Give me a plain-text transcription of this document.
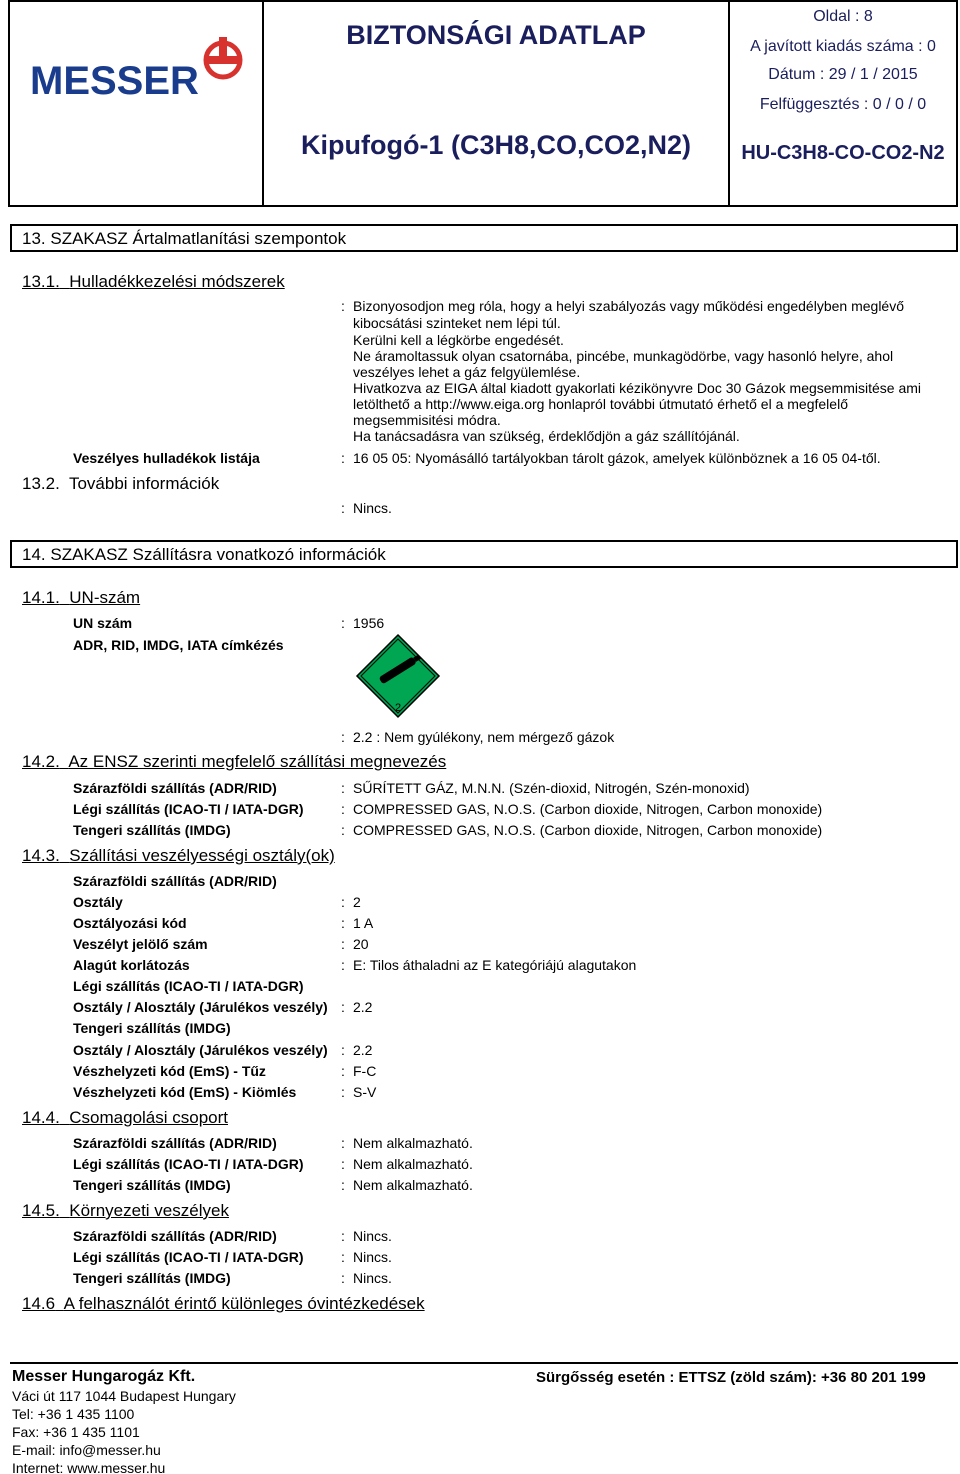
MESSER
BIZTONSÁGI ADATLAP
Kipufogó-1 (C3H8,CO,CO2,N2)
Oldal : 8
A javított kiadás száma : 0
Dátum : 29 / 1 / 2015
Felfüggesztés : 0 / 0 / 0
HU-C3H8-CO-CO2-N2
13. SZAKASZ Ártalmatlanítási szempontok
13.1. Hulladékkezelési módszerek
: Bizonyosodjon meg róla, hogy a helyi szabályozás vagy működési engedélyben meglévő
kibocsátási szinteket nem lépi túl.
Kerülni kell a légkörbe engedését.
Ne áramoltassuk olyan csatornába, pincébe, munkagödörbe, vagy hasonló helyre, ahol
veszélyes lehet a gáz felgyülemlése.
Hivatkozva az EIGA által kiadott gyakorlati kézikönyvre Doc 30 Gázok megsemmisitése ami
letölthető a http://www.eiga.org honlapról további útmutató érhető el a megfelelő
megsemmisitési módra.
Ha tanácsadásra van szükség, érdeklődjön a gáz szállítójánál.
Veszélyes hulladékok listája	: 16 05 05: Nyomásálló tartályokban tárolt gázok, amelyek különböznek a 16 05 04-től.
13.2. További információk
: Nincs.
14. SZAKASZ Szállításra vonatkozó információk
14.1. UN-szám
UN szám	: 1956
ADR, RID, IMDG, IATA címkézés
2
: 2.2 : Nem gyúlékony, nem mérgező gázok
14.2. Az ENSZ szerinti megfelelő szállítási megnevezés
Szárazföldi szállítás (ADR/RID)	: SŰRÍTETT GÁZ, M.N.N. (Szén-dioxid, Nitrogén, Szén-monoxid)
Légi szállítás (ICAO-TI / IATA-DGR)	: COMPRESSED GAS, N.O.S. (Carbon dioxide, Nitrogen, Carbon monoxide)
Tengeri szállítás (IMDG)	: COMPRESSED GAS, N.O.S. (Carbon dioxide, Nitrogen, Carbon monoxide)
14.3. Szállítási veszélyességi osztály(ok)
Szárazföldi szállítás (ADR/RID)
Osztály	: 2
Osztályozási kód	: 1 A
Veszélyt jelölő szám	: 20
Alagút korlátozás	: E: Tilos áthaladni az E kategóriájú alagutakon
Légi szállítás (ICAO-TI / IATA-DGR)
Osztály / Alosztály (Járulékos veszély) : 2.2
Tengeri szállítás (IMDG)
Osztály / Alosztály (Járulékos veszély) : 2.2
Vészhelyzeti kód (EmS) - Tűz	: F-C
Vészhelyzeti kód (EmS) - Kiömlés	: S-V
14.4. Csomagolási csoport
Szárazföldi szállítás (ADR/RID)	: Nem alkalmazható.
Légi szállítás (ICAO-TI / IATA-DGR)	: Nem alkalmazható.
Tengeri szállítás (IMDG)	: Nem alkalmazható.
14.5. Környezeti veszélyek
Szárazföldi szállítás (ADR/RID)	: Nincs.
Légi szállítás (ICAO-TI / IATA-DGR)	: Nincs.
Tengeri szállítás (IMDG)	: Nincs.
14.6 A felhasználót érintő különleges óvintézkedések
Messer Hungarogáz Kft.
Váci út 117 1044 Budapest Hungary
Tel: +36 1 435 1100
Fax: +36 1 435 1101
E-mail: info@messer.hu
Internet: www.messer.hu
Sürgősség esetén : ETTSZ (zöld szám): +36 80 201 199
